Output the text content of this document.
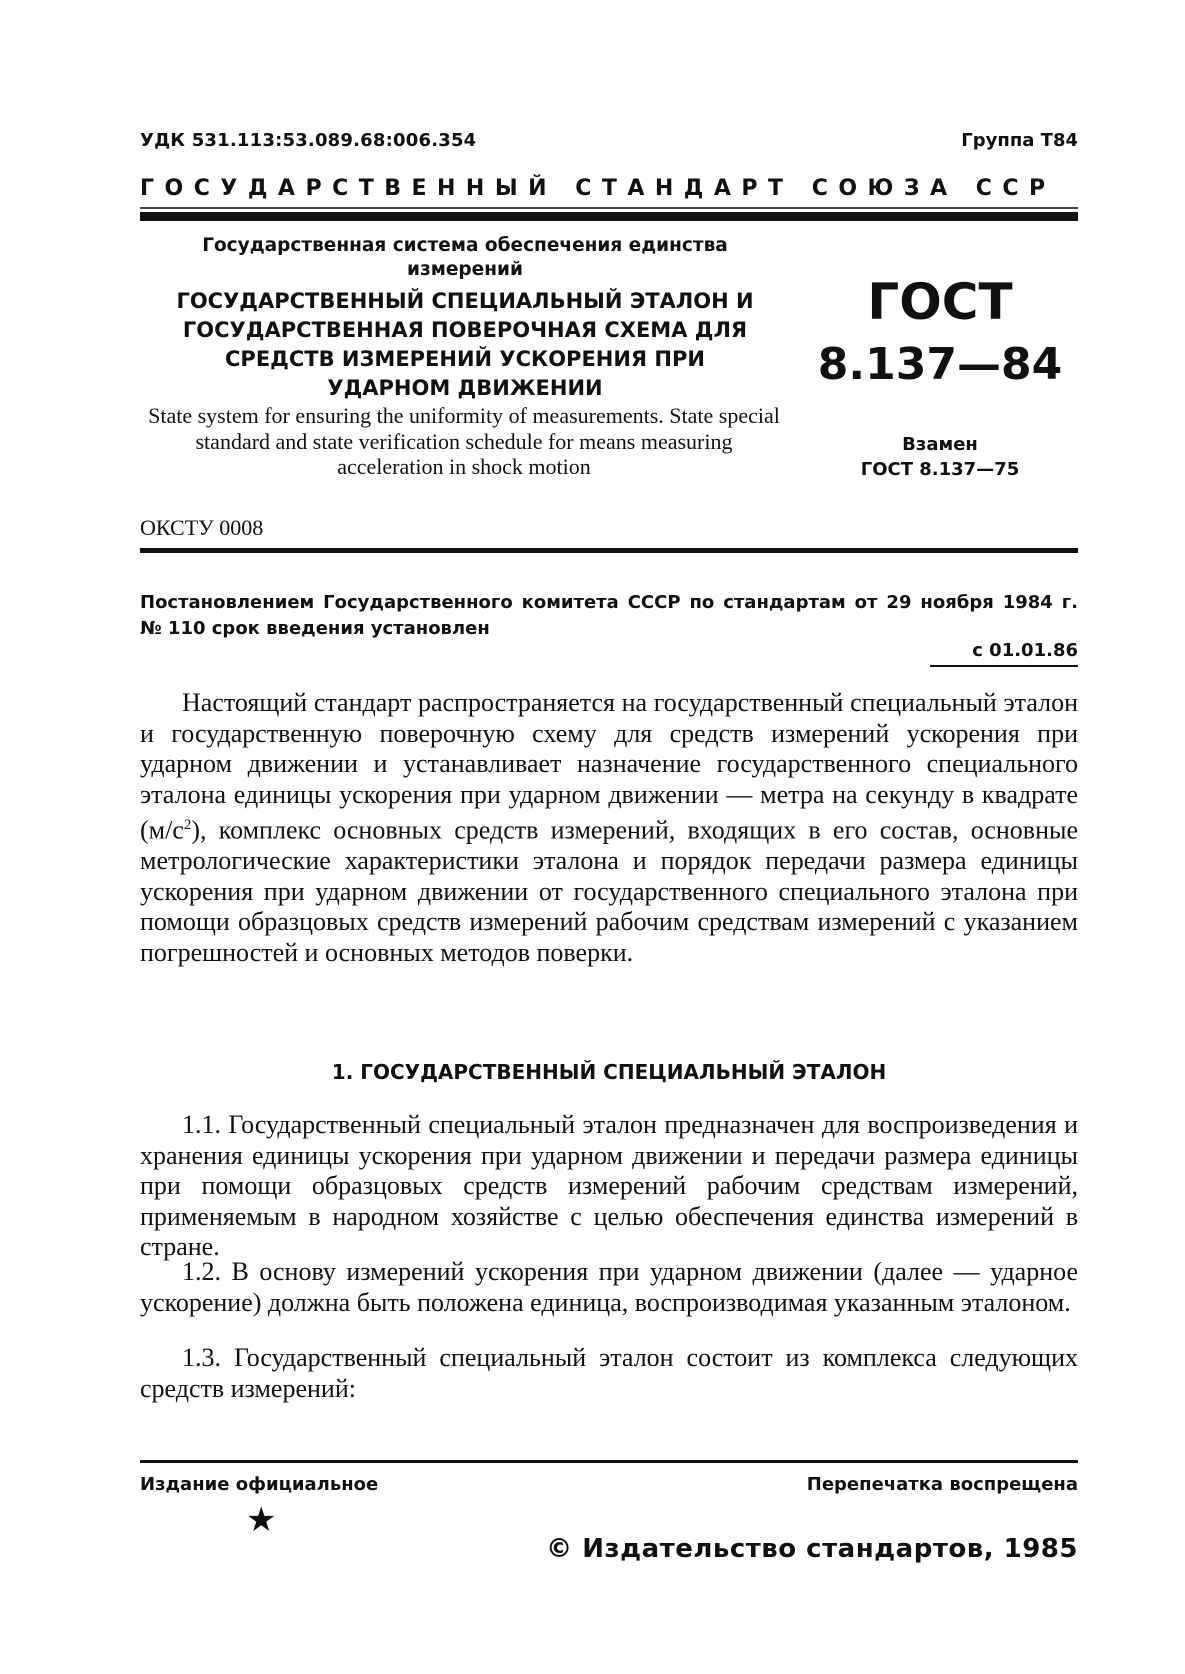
УДК 531.113:53.089.68:006.354	Группа Т84
ГОСУДАРСТВЕННЫЙ СТАНДАРТ СОЮЗА ССР
Государственная система обеспечения единства измерений
ГОСУДАРСТВЕННЫЙ СПЕЦИАЛЬНЫЙ ЭТАЛОН И ГОСУДАРСТВЕННАЯ ПОВЕРОЧНАЯ СХЕМА ДЛЯ СРЕДСТВ ИЗМЕРЕНИЙ УСКОРЕНИЯ ПРИ УДАРНОМ ДВИЖЕНИИ
State system for ensuring the uniformity of measurements. State special standard and state verification schedule for means measuring acceleration in shock motion
ОКСТУ 0008
ГОСТ
8.137—84
Взамен
ГОСТ 8.137—75
Постановлением Государственного комитета СССР по стандартам от 29 ноября 1984 г. № 110 срок введения установлен
с 01.01.86
Настоящий стандарт распространяется на государственный специальный эталон и государственную поверочную схему для средств измерений ускорения при ударном движении и устанавливает назначение государственного специального эталона единицы ускорения при ударном движении — метра на секунду в квадрате $(м/с^2)$, комплекс основных средств измерений, входящих в его состав, основные метрологические характеристики эталона и порядок передачи размера единицы ускорения при ударном движении от государственного специального эталона при помощи образцовых средств измерений рабочим средствам измерений с указанием погрешностей и основных методов поверки.
1. ГОСУДАРСТВЕННЫЙ СПЕЦИАЛЬНЫЙ ЭТАЛОН
1.1. Государственный специальный эталон предназначен для воспроизведения и хранения единицы ускорения при ударном движении и передачи размера единицы при помощи образцовых средств измерений рабочим средствам измерений, применяемым в народном хозяйстве с целью обеспечения единства измерений в стране.
1.2. В основу измерений ускорения при ударном движении (далее — ударное ускорение) должна быть положена единица, воспроизводимая указанным эталоном.
1.3. Государственный специальный эталон состоит из комплекса следующих средств измерений:
Издание официальное	Перепечатка воспрещена
★
© Издательство стандартов, 1985
